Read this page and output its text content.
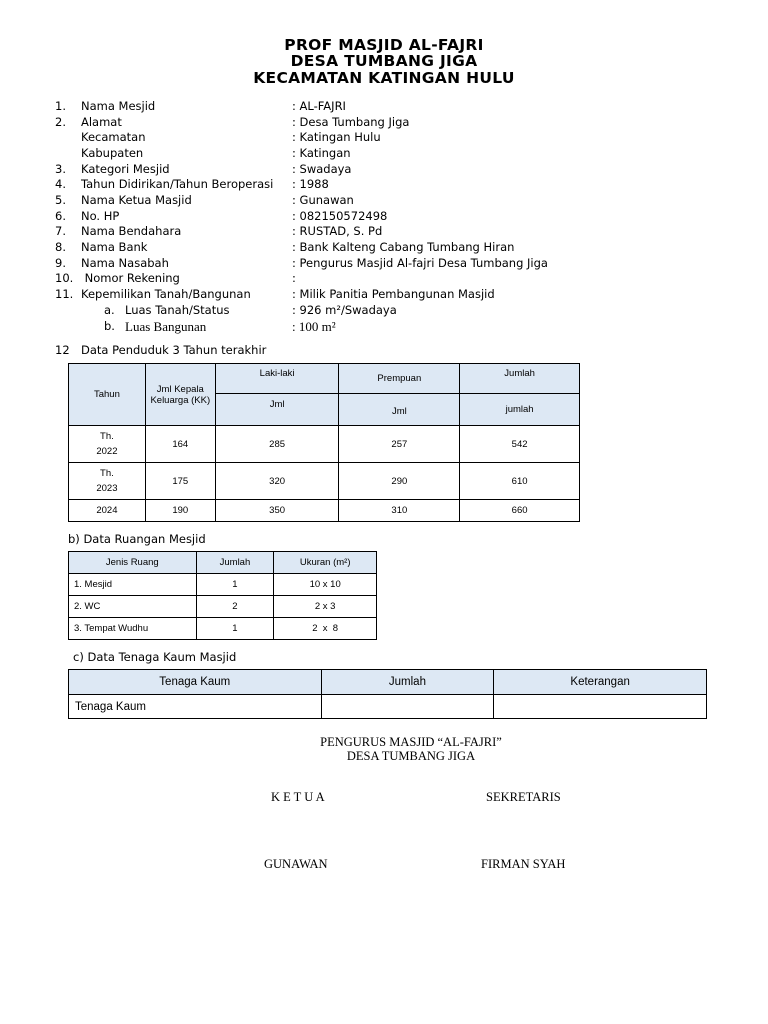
PROF MASJID AL-FAJRI
DESA TUMBANG JIGA
KECAMATAN KATINGAN HULU
1. Nama Mesjid	: AL-FAJRI
2. Alamat	: Desa Tumbang Jiga
Kecamatan	: Katingan Hulu
Kabupaten	: Katingan
3. Kategori Mesjid	: Swadaya
4. Tahun Didirikan/Tahun Beroperasi : 1988
5. Nama Ketua Masjid	: Gunawan
6. No. HP	: 082150572498
7. Nama Bendahara	: RUSTAD, S. Pd
8. Nama Bank	: Bank Kalteng Cabang Tumbang Hiran
9. Nama Nasabah	: Pengurus Masjid Al-fajri Desa Tumbang Jiga
10. Nomor Rekening	:
11. Kepemilikan Tanah/Bangunan	: Milik Panitia Pembangunan Masjid
a. Luas Tanah/Status	: 926 m²/Swadaya
b. Luas Bangunan	: 100 m²
12 Data Penduduk 3 Tahun terakhir
Tahun	Jml Kepala Keluarga (KK)	Laki-laki	Prempuan	Jumlah
		Jml	Jml	jumlah

Th.
2022	164	285	257	542

Th.
2023	175	320	290	610
2024	190	350	310	660
b) Data Ruangan Mesjid
Jenis Ruang	Jumlah	Ukuran (m²)
1. Mesjid	1	10 x 10
2. WC	2	2 x 3
3. Tempat Wudhu	1	2  x  8
c) Data Tenaga Kaum Masjid
Tenaga Kaum	Jumlah	Keterangan
Tenaga Kaum		
PENGURUS MASJID “AL-FAJRI”
DESA TUMBANG JIGA
K E T U A	SEKRETARIS
GUNAWAN	FIRMAN SYAH
